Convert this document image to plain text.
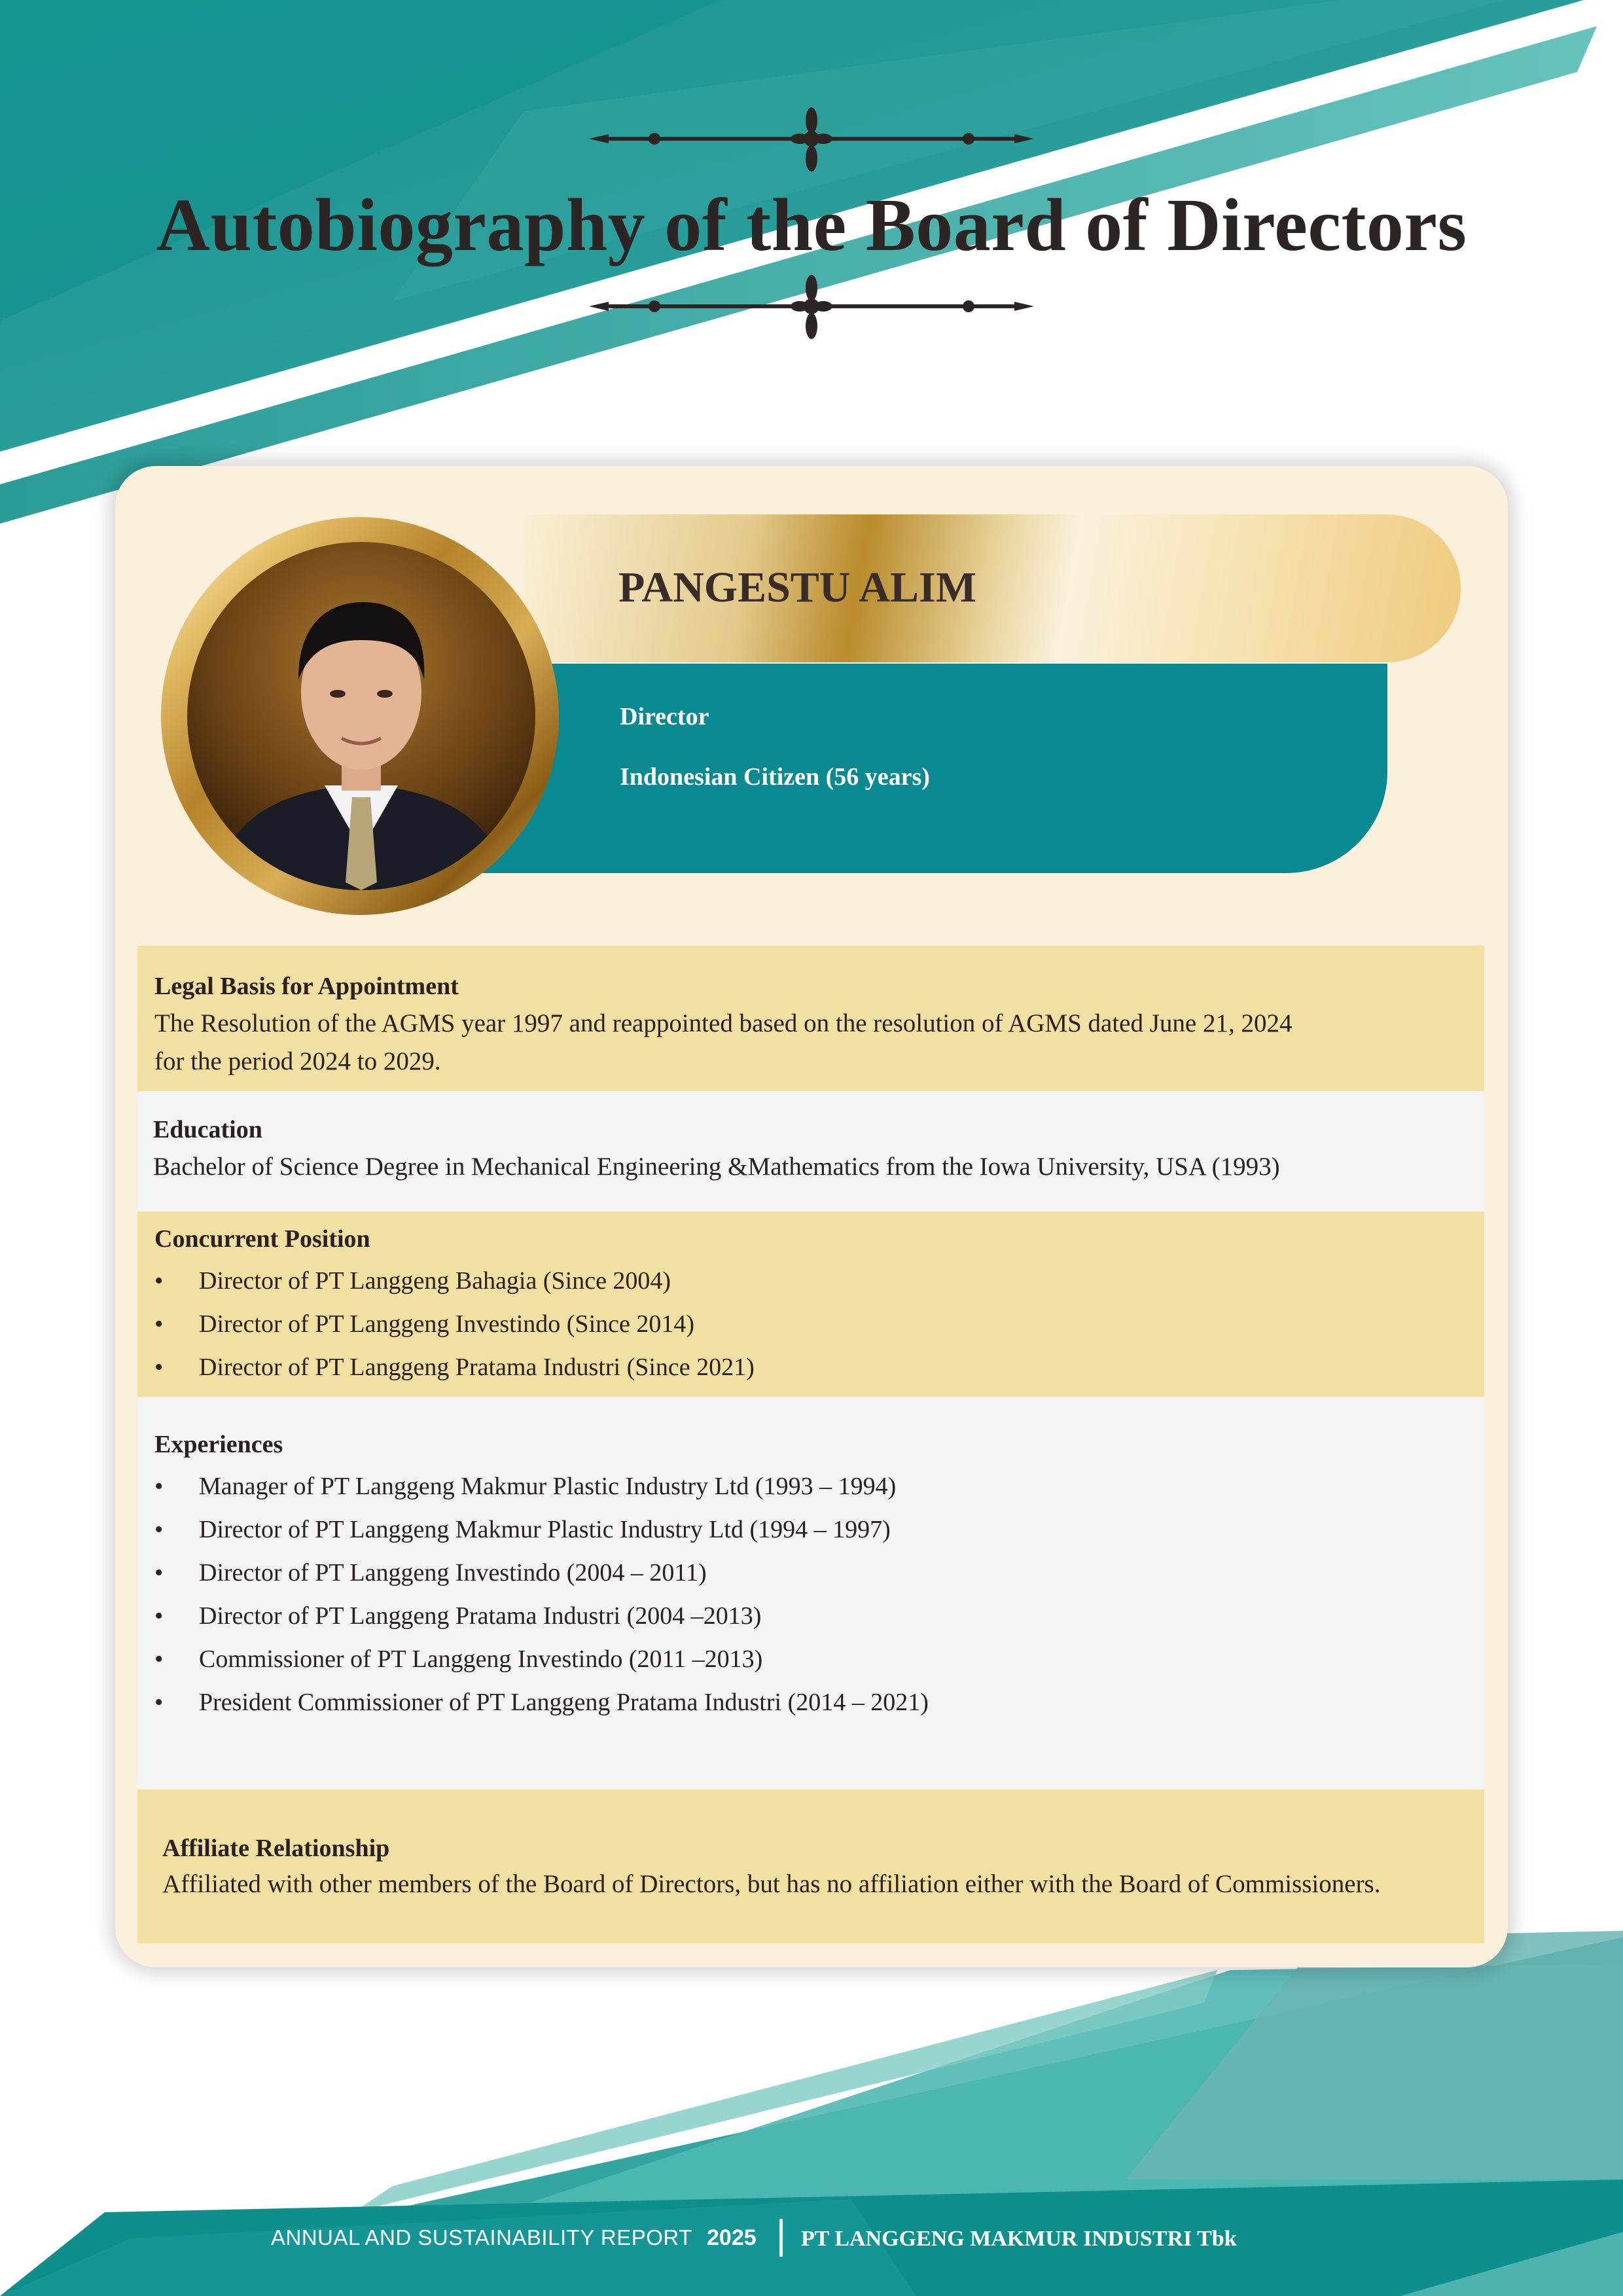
Autobiography of the Board of Directors
PANGESTU ALIM
Director
Indonesian Citizen (56 years)
Legal Basis for Appointment
The Resolution of the AGMS year 1997 and reappointed based on the resolution of AGMS dated June 21, 2024
for the period 2024 to 2029.
Education
Bachelor of Science Degree in Mechanical Engineering &Mathematics from the Iowa University, USA (1993)
Concurrent Position
• Director of PT Langgeng Bahagia (Since 2004)
• Director of PT Langgeng Investindo (Since 2014)
• Director of PT Langgeng Pratama Industri (Since 2021)
Experiences
• Manager of PT Langgeng Makmur Plastic Industry Ltd (1993 – 1994)
• Director of PT Langgeng Makmur Plastic Industry Ltd (1994 – 1997)
• Director of PT Langgeng Investindo (2004 – 2011)
• Director of PT Langgeng Pratama Industri (2004 –2013)
• Commissioner of PT Langgeng Investindo (2011 –2013)
• President Commissioner of PT Langgeng Pratama Industri (2014 – 2021)
Affiliate Relationship
Affiliated with other members of the Board of Directors, but has no affiliation either with the Board of Commissioners.
ANNUAL AND SUSTAINABILITY REPORT 2025 PT LANGGENG MAKMUR INDUSTRI Tbk
